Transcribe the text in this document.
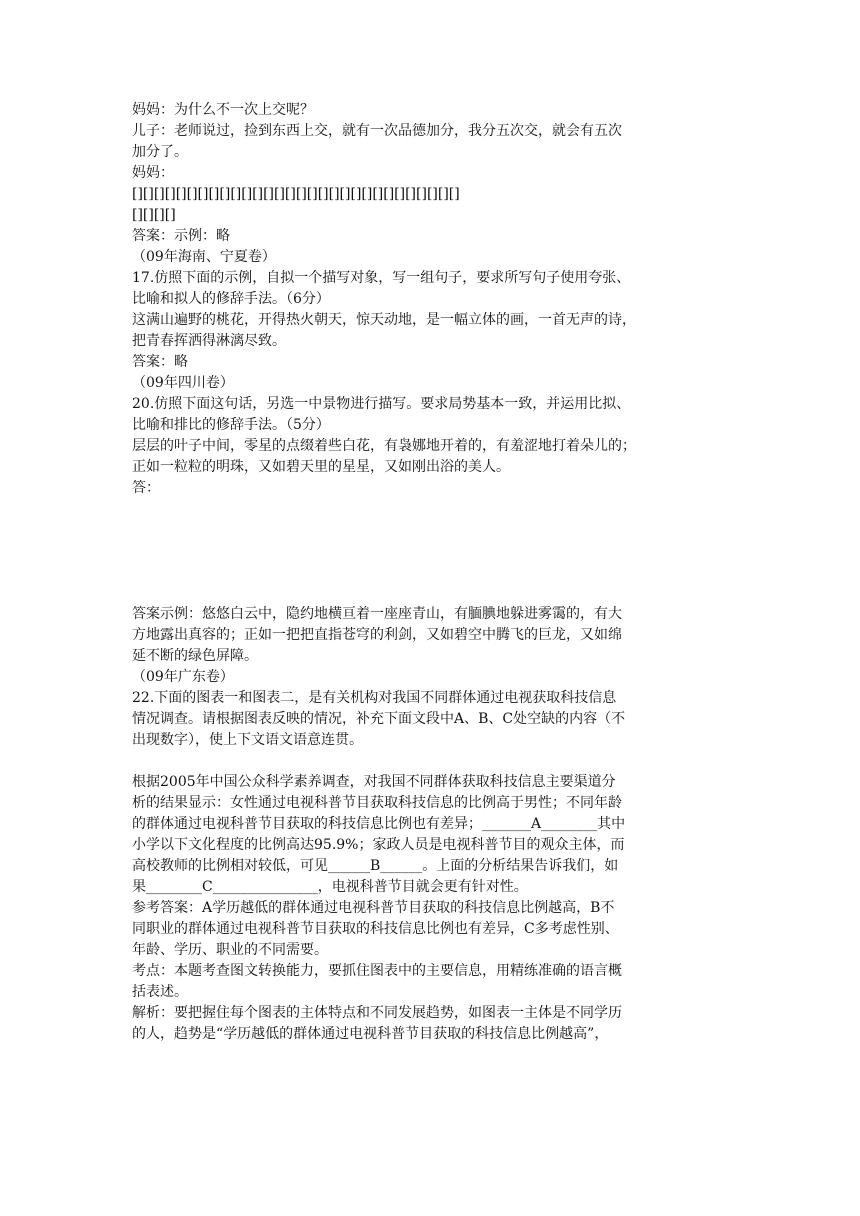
妈妈：为什么不一次上交呢？
儿子：老师说过，捡到东西上交，就有一次品德加分，我分五次交，就会有五次
加分了。
妈妈：
[][][][][][][][][][][][][][][][][][][][][][][][][][][][][][]
[][][][]
答案：示例：略
（09年海南、宁夏卷）
17.仿照下面的示例，自拟一个描写对象，写一组句子，要求所写句子使用夸张、
比喻和拟人的修辞手法。（6分）
这满山遍野的桃花，开得热火朝天，惊天动地，是一幅立体的画，一首无声的诗，
把青春挥洒得淋漓尽致。
答案：略
（09年四川卷）
20.仿照下面这句话，另选一中景物进行描写。要求局势基本一致，并运用比拟、
比喻和排比的修辞手法。（5分）
层层的叶子中间，零星的点缀着些白花，有袅娜地开着的，有羞涩地打着朵儿的；
正如一粒粒的明珠，又如碧天里的星星，又如刚出浴的美人。
答：
答案示例：悠悠白云中，隐约地横亘着一座座青山，有腼腆地躲进雾霭的，有大
方地露出真容的；正如一把把直指苍穹的利剑，又如碧空中腾飞的巨龙，又如绵
延不断的绿色屏障。
（09年广东卷）
22.下面的图表一和图表二，是有关机构对我国不同群体通过电视获取科技信息
情况调查。请根据图表反映的情况，补充下面文段中A、B、C处空缺的内容（不
出现数字），使上下文语文语意连贯。
根据2005年中国公众科学素养调查，对我国不同群体获取科技信息主要渠道分
析的结果显示：女性通过电视科普节目获取科技信息的比例高于男性；不同年龄
的群体通过电视科普节目获取的科技信息比例也有差异；_______A________其中
小学以下文化程度的比例高达95.9%；家政人员是电视科普节目的观众主体，而
高校教师的比例相对较低，可见______B______。上面的分析结果告诉我们，如
果________C_______________，电视科普节目就会更有针对性。
参考答案：A学历越低的群体通过电视科普节目获取的科技信息比例越高，B不
同职业的群体通过电视科普节目获取的科技信息比例也有差异，C多考虑性别、
年龄、学历、职业的不同需要。
考点：本题考查图文转换能力，要抓住图表中的主要信息，用精练准确的语言概
括表述。
解析：要把握住每个图表的主体特点和不同发展趋势，如图表一主体是不同学历
的人，趋势是“学历越低的群体通过电视科普节目获取的科技信息比例越高”，
